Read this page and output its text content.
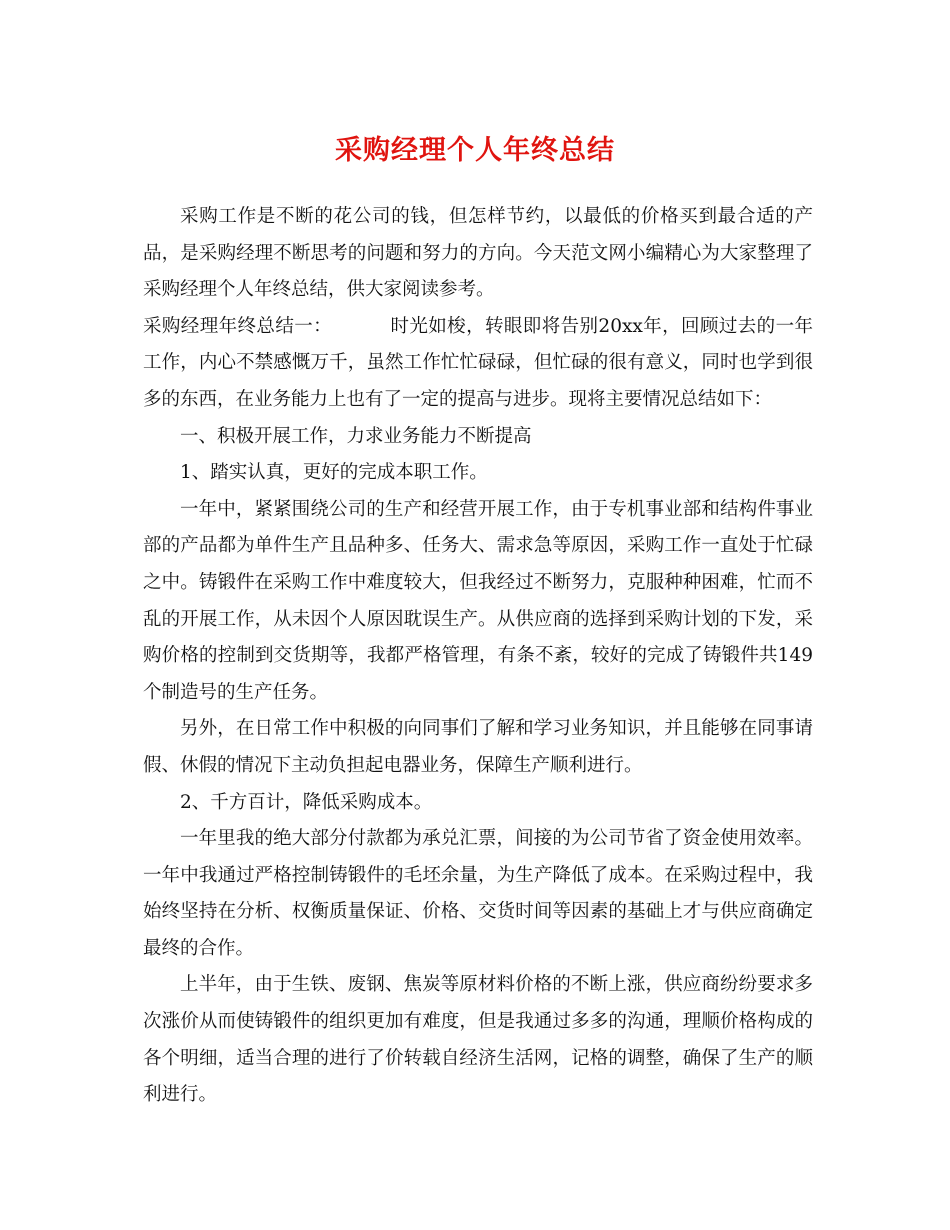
采购经理个人年终总结

采购工作是不断的花公司的钱，但怎样节约，以最低的价格买到最合适的产品，是采购经理不断思考的问题和努力的方向。今天范文网小编精心为大家整理了采购经理个人年终总结，供大家阅读参考。

采购经理年终总结一：	时光如梭，转眼即将告别20xx年，回顾过去的一年工作，内心不禁感慨万千，虽然工作忙忙碌碌，但忙碌的很有意义，同时也学到很多的东西，在业务能力上也有了一定的提高与进步。现将主要情况总结如下：

一、积极开展工作，力求业务能力不断提高

1、踏实认真，更好的完成本职工作。

一年中，紧紧围绕公司的生产和经营开展工作，由于专机事业部和结构件事业部的产品都为单件生产且品种多、任务大、需求急等原因，采购工作一直处于忙碌之中。铸锻件在采购工作中难度较大，但我经过不断努力，克服种种困难，忙而不乱的开展工作，从未因个人原因耽误生产。从供应商的选择到采购计划的下发，采购价格的控制到交货期等，我都严格管理，有条不紊，较好的完成了铸锻件共149个制造号的生产任务。

另外，在日常工作中积极的向同事们了解和学习业务知识，并且能够在同事请假、休假的情况下主动负担起电器业务，保障生产顺利进行。

2、千方百计，降低采购成本。

一年里我的绝大部分付款都为承兑汇票，间接的为公司节省了资金使用效率。一年中我通过严格控制铸锻件的毛坯余量，为生产降低了成本。在采购过程中，我始终坚持在分析、权衡质量保证、价格、交货时间等因素的基础上才与供应商确定最终的合作。

上半年，由于生铁、废钢、焦炭等原材料价格的不断上涨，供应商纷纷要求多次涨价从而使铸锻件的组织更加有难度，但是我通过多多的沟通，理顺价格构成的各个明细，适当合理的进行了价转载自经济生活网，记格的调整，确保了生产的顺利进行。
